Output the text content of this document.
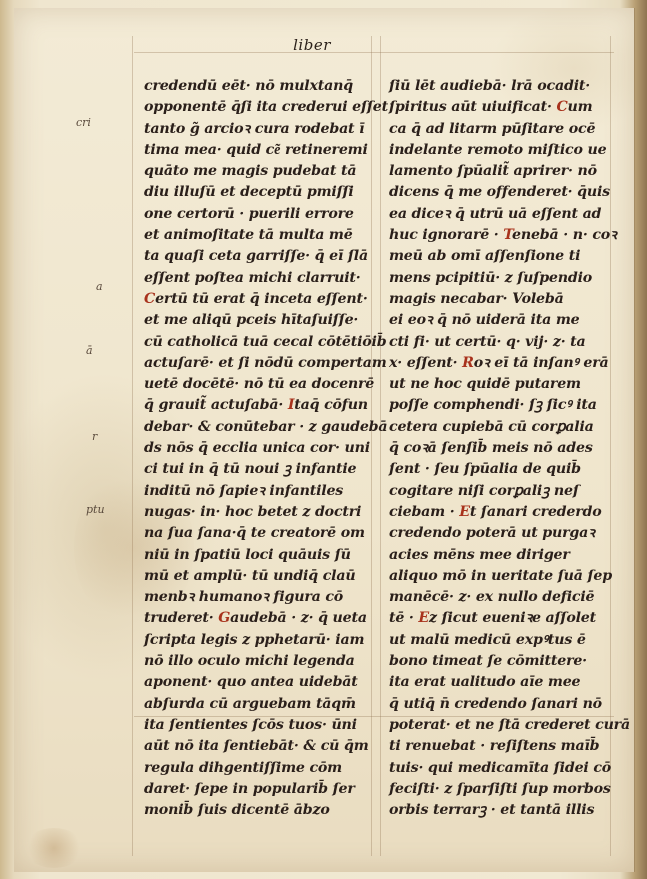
liber
cri
a
ā
r
ptu
credendū eēt· nō mulxtanq̄
opponentē q̄ſi ita crederui eſſet
tanto g̃ arcioꝛ cura rodebat ī
tima mea· quid ce͂ retineremi
quāto me magis pudebat tā
diu illuſū et deceptū pmiſſi
one certorū · puerili errore
et animoſitate tā multa mē
ta quaſi ceta garriſſe· q̄ eī ſlā
eſſent poſtea michi clarruit·
Certū tū erat q̄ inceta eſſent·
et me aliqū pceis hītaſuiſſe·
cū catholicā tuā cecal cōtētiōib̄
actuſarē· et ſi nōdū compertam
uetē docētē· nō tū ea docenrē
q̄ grauit̃ actuſabā· Itaq̄ cōfun
debar· & conūtebar · z gaudebā
ds nōs q̄ ecclia unica cor· uni
ci tui in q̄ tū noui ꝫ infantie
inditū nō ſapieꝛ infantiles
nugas· in· hoc betet z doctri
na ſua ſana·q̄ te creatorē om
niū in ſpatiū loci quāuis ſū
mū et amplū· tū undiq̄ claū
menbꝛ humanoꝛ figura cō
truderet· Gaudebā · z· q̄ ueta
ſcripta legis z pphetarū· iam
nō illo oculo michi legenda
aponent· quo antea uidebāt
abſurda cū arguebam tāqm̄
ita ſentientes ſcōs tuos· ūni
aūt nō ita ſentiebāt· & cū q̄m
regula dihgentiſſime cōm
daret· ſepe in popularib̄ ſer
monib̄ ſuis dicentē ābzo
ſiū lēt audiebā· lrā ocadit·
ſpiritus aūt uiuificat· Cum
ca q̄ ad litarm pūſitare ocē
indelante remoto miſtico ue
lamento ſpūalit̃ aprirer· nō
dicens q̄ me offenderet· q̄uis
ea diceꝛ q̄ utrū uā eſſent ad
huc ignorarē · Tenebā · n· coꝛ
meū ab omī aſſenſione ti
mens pcipitiū· z ſuſpendio
magis necabar· Volebā
ei eoꝛ q̄ nō uiderā ita me
cti fi· ut certū· q· vij· z· ta
x· eſſent· Roꝛ eī tā inſanꝰ erā
ut ne hoc quidē putarem
poſſe comphendi· ſꝫ ſicꝰ ita
cetera cupiebā cū corꝑalia
q̄ coꝛā ſenſib̄ meis nō ades
ſent · ſeu ſpūalia de quib̄
cogitare niſi corꝑaliꝫ neſ
ciebam · Et ſanari crederdo
credendo poterā ut purgaꝛ
acies mēns mee diriger
aliquo mō in ueritate ſuā ſep
manēcē· z· ex nullo deficiē
tē · Ez ſicut eueniꝛe aſſolet
ut malū medicū expꝰtus ē
bono timeat ſe cōmittere·
ita erat ualitudo aīe mee
q̄ utiq̄ n̄ credendo ſanari nō
poterat· et ne ſtā crederet curā
ti renuebat · reſiſtens maīb̄
tuis· qui medicamīta ſidei cō
feciſti· z ſparſiſti ſup morbos
orbis terrarꝫ · et tantā illis
